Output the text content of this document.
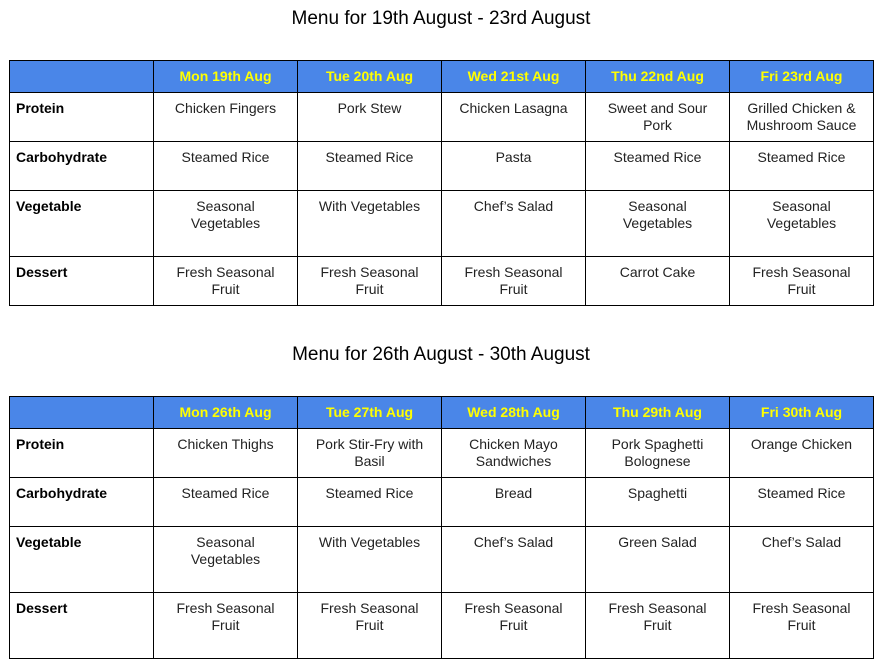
Menu for 19th August - 23rd August
	Mon 19th Aug	Tue 20th Aug	Wed 21st Aug	Thu 22nd Aug	Fri 23rd Aug
Protein	Chicken Fingers	Pork Stew	Chicken Lasagna	Sweet and Sour Pork	Grilled Chicken & Mushroom Sauce
Carbohydrate	Steamed Rice	Steamed Rice	Pasta	Steamed Rice	Steamed Rice
Vegetable	Seasonal Vegetables	With Vegetables	Chef’s Salad	Seasonal Vegetables	Seasonal Vegetables
Dessert	Fresh Seasonal Fruit	Fresh Seasonal Fruit	Fresh Seasonal Fruit	Carrot Cake	Fresh Seasonal Fruit
Menu for 26th August - 30th August
	Mon 26th Aug	Tue 27th Aug	Wed 28th Aug	Thu 29th Aug	Fri 30th Aug
Protein	Chicken Thighs	Pork Stir-Fry with Basil	Chicken Mayo Sandwiches	Pork Spaghetti Bolognese	Orange Chicken
Carbohydrate	Steamed Rice	Steamed Rice	Bread	Spaghetti	Steamed Rice
Vegetable	Seasonal Vegetables	With Vegetables	Chef’s Salad	Green Salad	Chef’s Salad
Dessert	Fresh Seasonal Fruit	Fresh Seasonal Fruit	Fresh Seasonal Fruit	Fresh Seasonal Fruit	Fresh Seasonal Fruit
